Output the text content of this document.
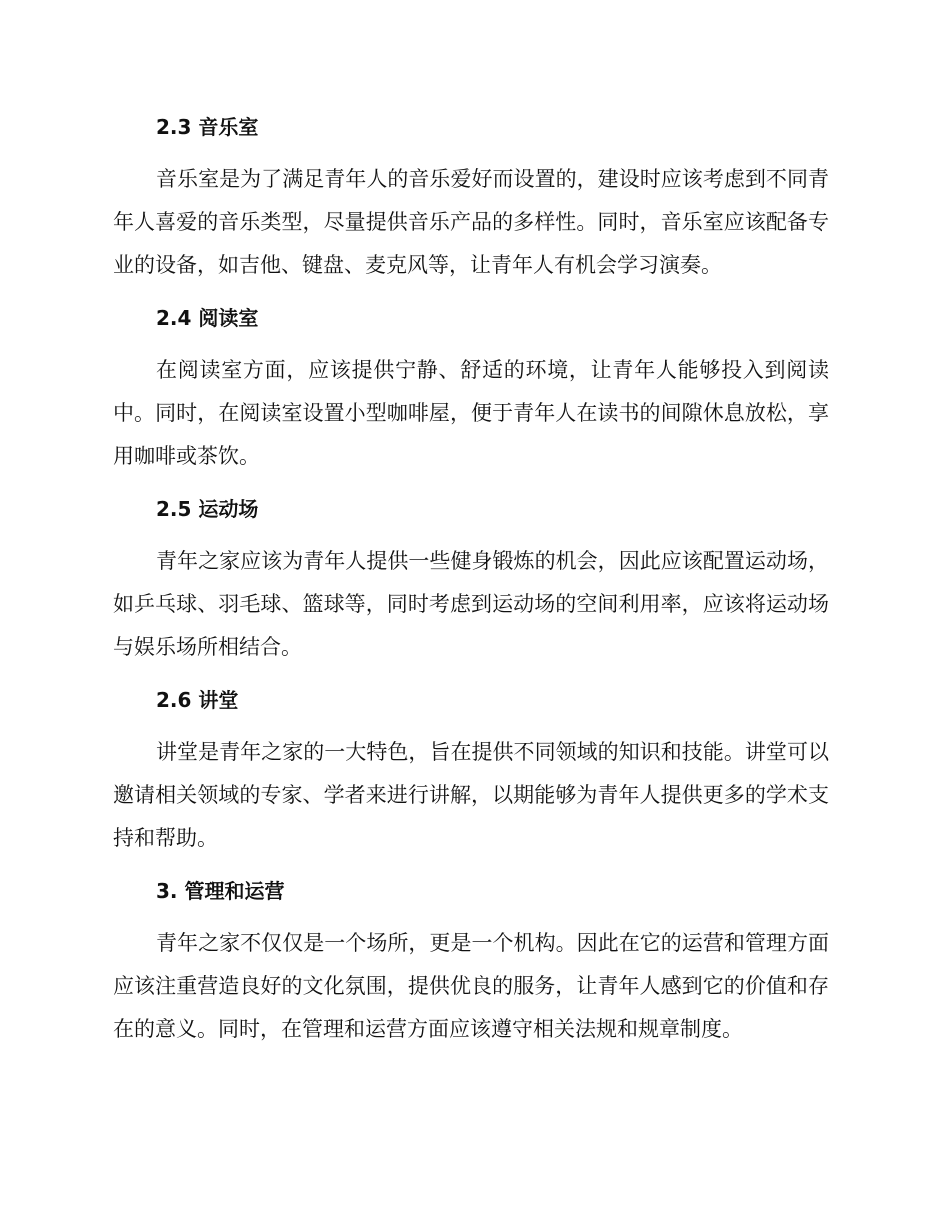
2.3 音乐室

音乐室是为了满足青年人的音乐爱好而设置的，建设时应该考虑到不同青年人喜爱的音乐类型，尽量提供音乐产品的多样性。同时，音乐室应该配备专业的设备，如吉他、键盘、麦克风等，让青年人有机会学习演奏。

2.4 阅读室

在阅读室方面，应该提供宁静、舒适的环境，让青年人能够投入到阅读中。同时，在阅读室设置小型咖啡屋，便于青年人在读书的间隙休息放松，享用咖啡或茶饮。

2.5 运动场

青年之家应该为青年人提供一些健身锻炼的机会，因此应该配置运动场，如乒乓球、羽毛球、篮球等，同时考虑到运动场的空间利用率，应该将运动场与娱乐场所相结合。

2.6 讲堂

讲堂是青年之家的一大特色，旨在提供不同领域的知识和技能。讲堂可以邀请相关领域的专家、学者来进行讲解，以期能够为青年人提供更多的学术支持和帮助。

3. 管理和运营

青年之家不仅仅是一个场所，更是一个机构。因此在它的运营和管理方面应该注重营造良好的文化氛围，提供优良的服务，让青年人感到它的价值和存在的意义。同时，在管理和运营方面应该遵守相关法规和规章制度。
